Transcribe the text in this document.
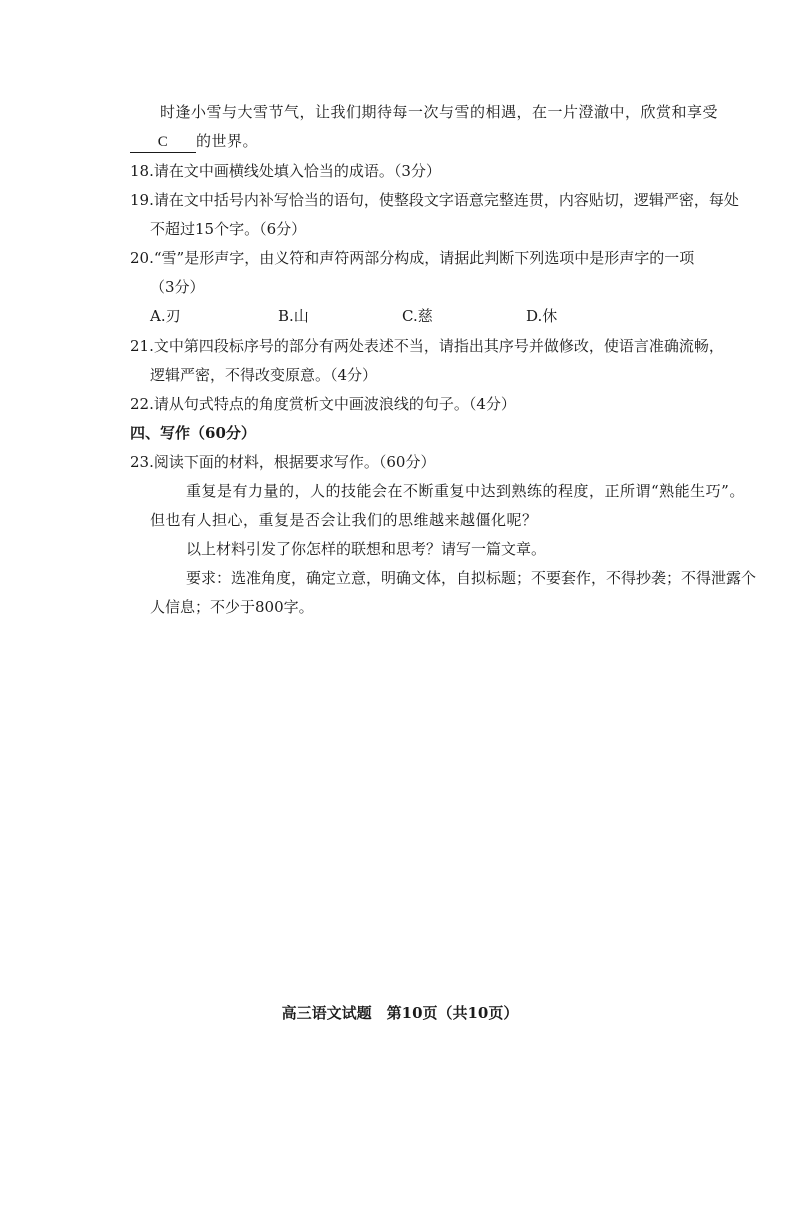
时逢小雪与大雪节气，让我们期待每一次与雪的相遇，在一片澄澈中，欣赏和享受
C 的世界。
18.请在文中画横线处填入恰当的成语。（3分）
19.请在文中括号内补写恰当的语句，使整段文字语意完整连贯，内容贴切，逻辑严密，每处
不超过15个字。（6分）
20.“雪”是形声字，由义符和声符两部分构成，请据此判断下列选项中是形声字的一项
（3分）
A.刃	B.山	C.慈	D.休
21.文中第四段标序号的部分有两处表述不当，请指出其序号并做修改，使语言准确流畅，
逻辑严密，不得改变原意。（4分）
22.请从句式特点的角度赏析文中画波浪线的句子。（4分）
四、写作（60分）
23.阅读下面的材料，根据要求写作。（60分）
重复是有力量的，人的技能会在不断重复中达到熟练的程度，正所谓“熟能生巧”。
但也有人担心，重复是否会让我们的思维越来越僵化呢？
以上材料引发了你怎样的联想和思考？请写一篇文章。
要求：选准角度，确定立意，明确文体，自拟标题；不要套作，不得抄袭；不得泄露个
人信息；不少于800字。
高三语文试题　第10页（共10页）
